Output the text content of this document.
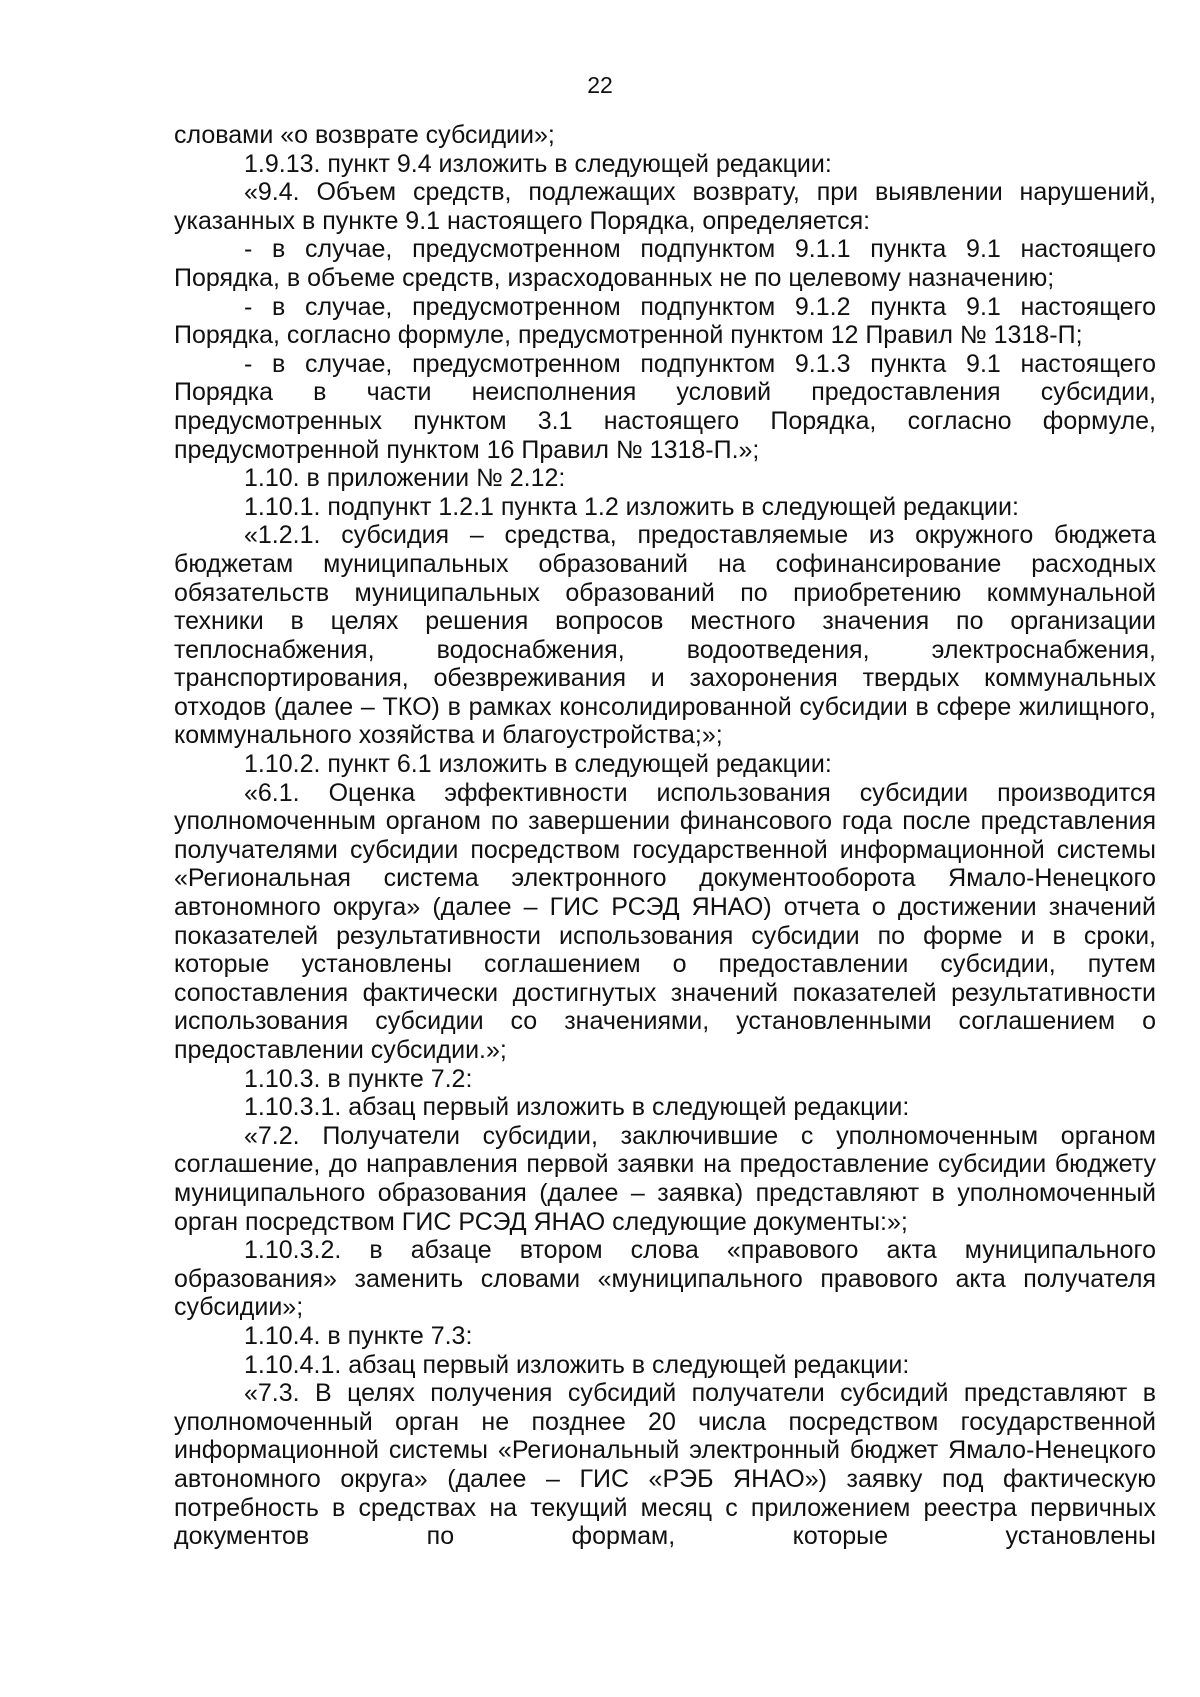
22

словами «о возврате субсидии»;

1.9.13. пункт 9.4 изложить в следующей редакции:

«9.4. Объем средств, подлежащих возврату, при выявлении нарушений, указанных в пункте 9.1 настоящего Порядка, определяется:

- в случае, предусмотренном подпунктом 9.1.1 пункта 9.1 настоящего Порядка, в объеме средств, израсходованных не по целевому назначению;

- в случае, предусмотренном подпунктом 9.1.2 пункта 9.1 настоящего Порядка, согласно формуле, предусмотренной пунктом 12 Правил № 1318-П;

- в случае, предусмотренном подпунктом 9.1.3 пункта 9.1 настоящего Порядка в части неисполнения условий предоставления субсидии, предусмотренных пунктом 3.1 настоящего Порядка, согласно формуле, предусмотренной пунктом 16 Правил № 1318-П.»;

1.10. в приложении № 2.12:

1.10.1. подпункт 1.2.1 пункта 1.2 изложить в следующей редакции:

«1.2.1. субсидия – средства, предоставляемые из окружного бюджета бюджетам муниципальных образований на софинансирование расходных обязательств муниципальных образований по приобретению коммунальной техники в целях решения вопросов местного значения по организации теплоснабжения, водоснабжения, водоотведения, электроснабжения, транспортирования, обезвреживания и захоронения твердых коммунальных отходов (далее – ТКО) в рамках консолидированной субсидии в сфере жилищного, коммунального хозяйства и благоустройства;»;

1.10.2. пункт 6.1 изложить в следующей редакции:

«6.1. Оценка эффективности использования субсидии производится уполномоченным органом по завершении финансового года после представления получателями субсидии посредством государственной информационной системы «Региональная система электронного документооборота Ямало-Ненецкого автономного округа» (далее – ГИС РСЭД ЯНАО) отчета о достижении значений показателей результативности использования субсидии по форме и в сроки, которые установлены соглашением о предоставлении субсидии, путем сопоставления фактически достигнутых значений показателей результативности использования субсидии со значениями, установленными соглашением о предоставлении субсидии.»;

1.10.3. в пункте 7.2:

1.10.3.1. абзац первый изложить в следующей редакции:

«7.2. Получатели субсидии, заключившие с уполномоченным органом соглашение, до направления первой заявки на предоставление субсидии бюджету муниципального образования (далее – заявка) представляют в уполномоченный орган посредством ГИС РСЭД ЯНАО следующие документы:»;

1.10.3.2. в абзаце втором слова «правового акта муниципального образования» заменить словами «муниципального правового акта получателя субсидии»;

1.10.4. в пункте 7.3:

1.10.4.1. абзац первый изложить в следующей редакции:

«7.3. В целях получения субсидий получатели субсидий представляют в уполномоченный орган не позднее 20 числа посредством государственной информационной системы «Региональный электронный бюджет Ямало-Ненецкого автономного округа» (далее – ГИС «РЭБ ЯНАО») заявку под фактическую потребность в средствах на текущий месяц с приложением реестра первичных документов по формам, которые установлены
